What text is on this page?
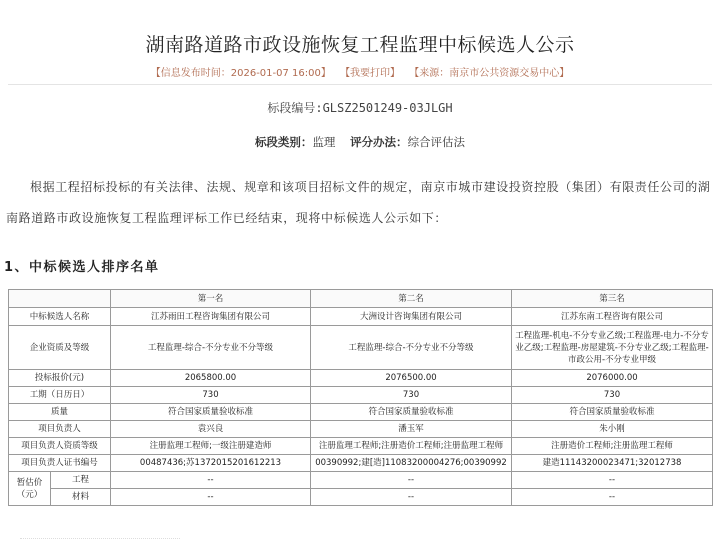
湖南路道路市政设施恢复工程监理中标候选人公示
【信息发布时间：2026-01-07 16:00】 【我要打印】 【来源：南京市公共资源交易中心】
标段编号:GLSZ2501249-03JLGH
标段类别：监理 评分办法：综合评估法
根据工程招标投标的有关法律、法规、规章和该项目招标文件的规定，南京市城市建设投资控股（集团）有限责任公司的湖南路道路市政设施恢复工程监理评标工作已经结束，现将中标候选人公示如下：
1、中标候选人排序名单
		第一名	第二名	第三名
中标候选人名称		江苏雨田工程咨询集团有限公司	大洲设计咨询集团有限公司	江苏东南工程咨询有限公司
企业资质及等级		工程监理-综合-不分专业不分等级	工程监理-综合-不分专业不分等级	工程监理-机电-不分专业乙级;工程监理-电力-不分专业乙级;工程监理-房屋建筑-不分专业乙级;工程监理-市政公用-不分专业甲级
投标报价(元)		2065800.00	2076500.00	2076000.00
工期（日历日）		730	730	730
质量		符合国家质量验收标准	符合国家质量验收标准	符合国家质量验收标准
项目负责人		袁兴良	潘玉军	朱小刚
项目负责人资质等级		注册监理工程师;一级注册建造师	注册监理工程师;注册造价工程师;注册监理工程师	注册造价工程师;注册监理工程师
项目负责人证书编号		00487436;苏1372015201612213	00390992;建[造]11083200004276;00390992	建造11143200023471;32012738
暂估价（元）	工程	--	--	--
	材料	--	--	--
